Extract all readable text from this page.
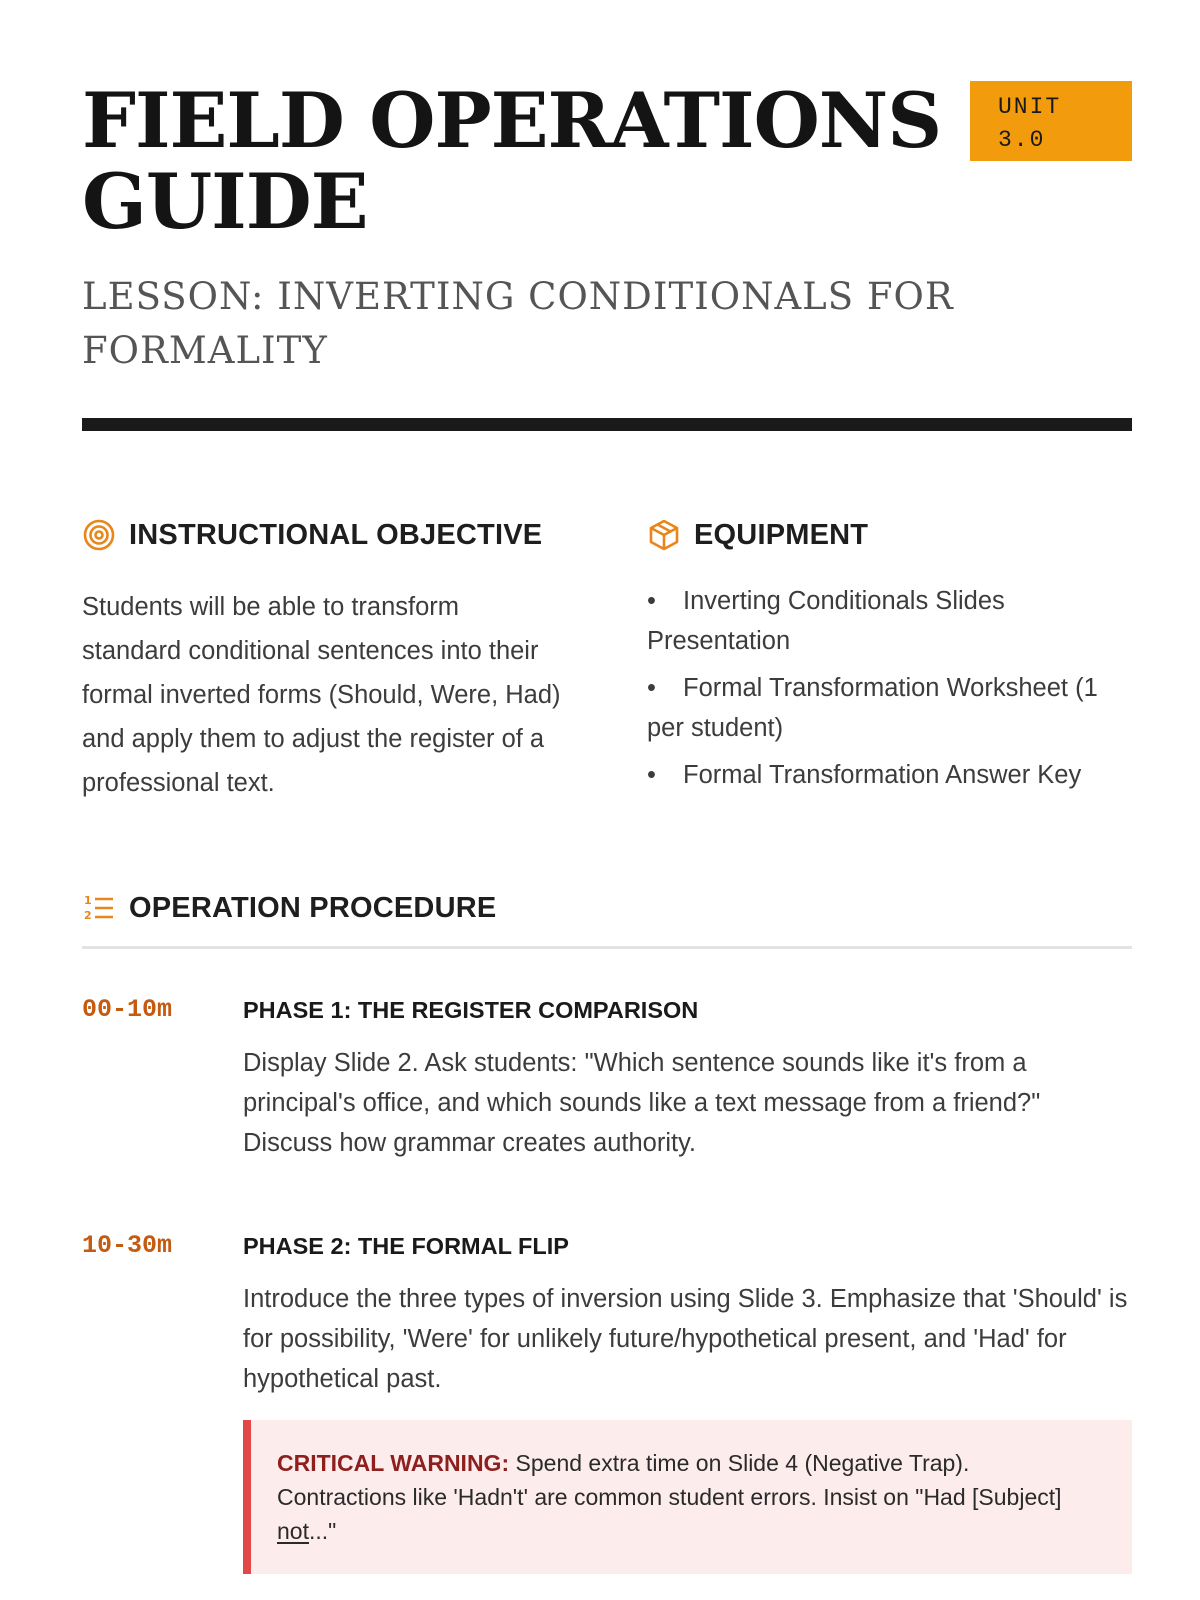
FIELD OPERATIONS
GUIDE
UNIT
3.0
LESSON: INVERTING CONDITIONALS FOR FORMALITY
INSTRUCTIONAL OBJECTIVE

Students will be able to transform standard conditional sentences into their formal inverted forms (Should, Were, Had) and apply them to adjust the register of a professional text.

EQUIPMENT
• Inverting Conditionals Slides Presentation
• Formal Transformation Worksheet (1 per student)
• Formal Transformation Answer Key
1
2 OPERATION PROCEDURE
00-10m	PHASE 1: THE REGISTER COMPARISON

Display Slide 2. Ask students: "Which sentence sounds like it's from a principal's office, and which sounds like a text message from a friend?" Discuss how grammar creates authority.

10-30m	PHASE 2: THE FORMAL FLIP

Introduce the three types of inversion using Slide 3. Emphasize that 'Should' is for possibility, 'Were' for unlikely future/hypothetical present, and 'Had' for hypothetical past.

CRITICAL WARNING: Spend extra time on Slide 4 (Negative Trap). Contractions like 'Hadn't' are common student errors. Insist on "Had [Subject] not..."
